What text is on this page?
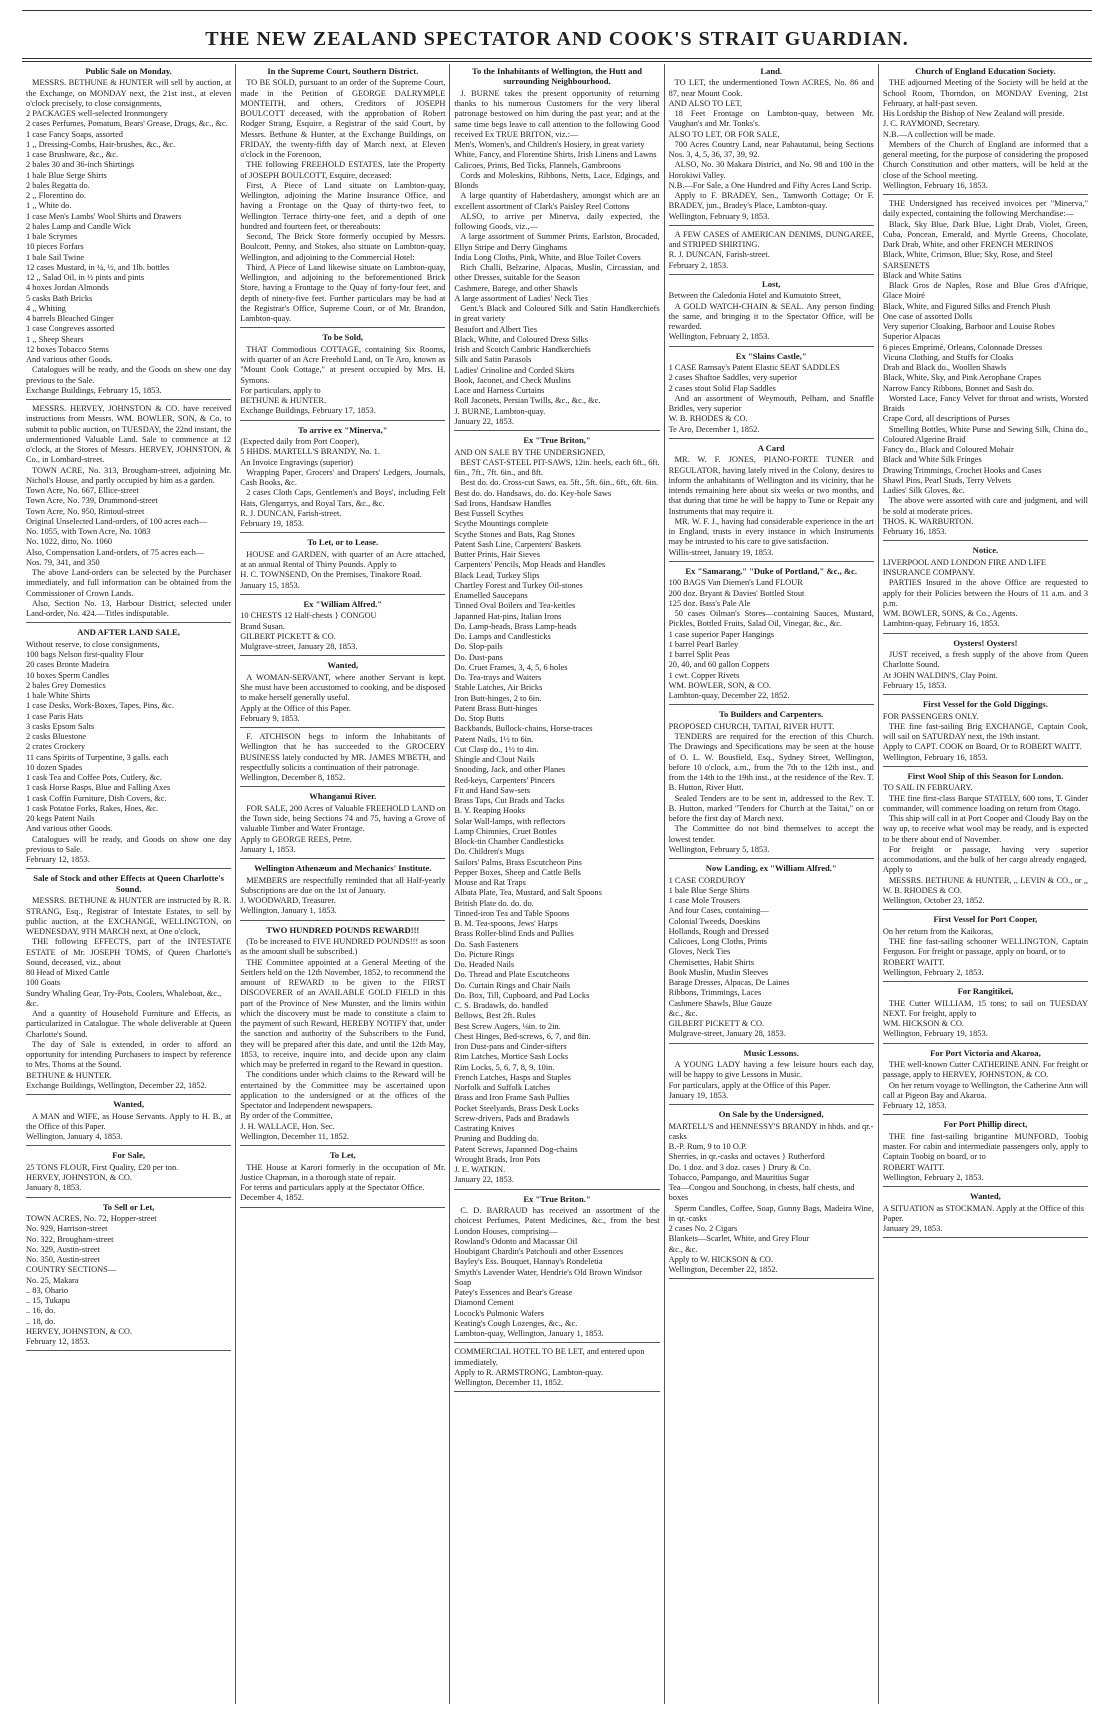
THE NEW ZEALAND SPECTATOR AND COOK'S STRAIT GUARDIAN.
Public Sale on Monday.

MESSRS. BETHUNE & HUNTER will sell by auction, at the Exchange, on MONDAY next, the 21st inst., at eleven o'clock precisely, to close consignments,

2 PACKAGES well-selected Ironmongery

2 cases Perfumes, Pomatum, Bears' Grease, Drugs, &c., &c.

1 case Fancy Soaps, assorted

1 ,, Dressing-Combs, Hair-brushes, &c., &c.

1 case Brushware, &c., &c.

2 bales 30 and 36-inch Shirtings

1 bale Blue Serge Shirts

2 bales Regatta do.

2 ,, Florentino do.

1 ,, White do.

1 case Men's Lambs' Wool Shirts and Drawers

2 bales Lamp and Candle Wick

1 bale Scrymes

10 pieces Forfars

1 bale Sail Twine

12 cases Mustard, in ¼, ½, and 1lb. bottles

12 ,, Salad Oil, in ½ pints and pints

4 boxes Jordan Almonds

5 casks Bath Bricks

4 ,, Whiting

4 barrels Bleached Ginger

1 case Congreves assorted

1 ,, Sheep Shears

12 boxes Tobacco Stems

And various other Goods.

Catalogues will be ready, and the Goods on shew one day previous to the Sale.

Exchange Buildings, February 15, 1853.

MESSRS. HERVEY, JOHNSTON & CO. have received instructions from Messrs. WM. BOWLER, SON, & Co. to submit to public auction, on TUESDAY, the 22nd instant, the undermentioned Valuable Land. Sale to commence at 12 o'clock, at the Stores of Messrs. HERVEY, JOHNSTON, & Co., in Lombard-street.

TOWN ACRE, No. 313, Brougham-street, adjoining Mr. Nichol's House, and partly occupied by him as a garden.

Town Acre, No. 667, Ellice-street

Town Acre, No. 739, Drummond-street

Town Acre, No. 950, Rintoul-street

Original Unselected Land-orders, of 100 acres each—

No. 1055, with Town Acre, No. 1083

No. 1022, ditto, No. 1060

Also, Compensation Land-orders, of 75 acres each—

Nos. 79, 341, and 350

The above Land-orders can be selected by the Purchaser immediately, and full information can be obtained from the Commissioner of Crown Lands.

Also, Section No. 13, Harbour District, selected under Land-order, No. 424.—Titles indisputable.

AND AFTER LAND SALE,

Without reserve, to close consignments,

100 bags Nelson first-quality Flour

20 cases Bronte Madeira

10 boxes Sperm Candles

2 bales Grey Domestics

1 bale White Shirts

1 case Desks, Work-Boxes, Tapes, Pins, &c.

1 case Paris Hats

3 casks Epsom Salts

2 casks Bluestone

2 crates Crockery

11 cans Spirits of Turpentine, 3 galls. each

10 dozen Spades

1 cask Tea and Coffee Pots, Cutlery, &c.

1 cask Horse Rasps, Blue and Falling Axes

1 cask Coffin Furniture, Dish Covers, &c.

1 cask Potatoe Forks, Rakes, Hoes, &c.

20 kegs Patent Nails

And various other Goods.

Catalogues will be ready, and Goods on show one day previous to Sale.

February 12, 1853.

Sale of Stock and other Effects at Queen Charlotte's Sound.

MESSRS. BETHUNE & HUNTER are instructed by R. R. STRANG, Esq., Registrar of Intestate Estates, to sell by public auction, at the EXCHANGE, WELLINGTON, on WEDNESDAY, 9TH MARCH next, at One o'clock,

THE following EFFECTS, part of the INTESTATE ESTATE of Mr. JOSEPH TOMS, of Queen Charlotte's Sound, deceased, viz., about

80 Head of Mixed Cattle

100 Goats

Sundry Whaling Gear, Try-Pots, Coolers, Whaleboat, &c., &c.

And a quantity of Household Furniture and Effects, as particularized in Catalogue. The whole deliverable at Queen Charlotte's Sound.

The day of Sale is extended, in order to afford an opportunity for intending Purchasers to inspect by reference to Mrs. Thoms at the Sound.

BETHUNE & HUNTER.

Exchange Buildings, Wellington, December 22, 1852.

Wanted,

A MAN and WIFE, as House Servants. Apply to H. B., at the Office of this Paper.

Wellington, January 4, 1853.

For Sale,

25 TONS FLOUR, First Quality, £20 per ton.

HERVEY, JOHNSTON, & CO.

January 8, 1853.

To Sell or Let,

TOWN ACRES, No. 72, Hopper-street

No. 929, Harrison-street

No. 322, Brougham-street

No. 329, Austin-street

No. 350, Austin-street

COUNTRY SECTIONS—

No. 25, Makara

.. 83, Ohario

.. 15, Tukapu

.. 16, do.

.. 18, do.

HERVEY, JOHNSTON, & CO.

February 12, 1853.

In the Supreme Court, Southern District.

TO BE SOLD, pursuant to an order of the Supreme Court, made in the Petition of GEORGE DALRYMPLE MONTEITH, and others, Creditors of JOSEPH BOULCOTT deceased, with the approbation of Robert Rodger Strang, Esquire, a Registrar of the said Court, by Messrs. Bethune & Hunter, at the Exchange Buildings, on FRIDAY, the twenty-fifth day of March next, at Eleven o'clock in the Forenoon,

THE following FREEHOLD ESTATES, late the Property of JOSEPH BOULCOTT, Esquire, deceased:

First, A Piece of Land situate on Lambton-quay, Wellington, adjoining the Marine Insurance Office, and having a Frontage on the Quay of thirty-two feet, to Wellington Terrace thirty-one feet, and a depth of one hundred and fourteen feet, or thereabouts:

Second, The Brick Store formerly occupied by Messrs. Boulcott, Penny, and Stokes, also situate on Lambton-quay, Wellington, and adjoining to the Commercial Hotel:

Third, A Piece of Land likewise situate on Lambton-quay, Wellington, and adjoining to the beforementioned Brick Store, having a Frontage to the Quay of forty-four feet, and depth of ninety-five feet. Further particulars may be had at the Registrar's Office, Supreme Court, or of Mr. Brandon, Lambton-quay.

To be Sold,

THAT Commodious COTTAGE, containing Six Rooms, with quarter of an Acre Freehold Land, on Te Aro, known as "Mount Cook Cottage," at present occupied by Mrs. H. Symons.

For particulars, apply to

BETHUNE & HUNTER.

Exchange Buildings, February 17, 1853.

To arrive ex "Minerva,"

(Expected daily from Port Cooper),

5 HHDS. MARTELL'S BRANDY, No. 1.

An Invoice Engravings (superior)

Wrapping Paper, Grocers' and Drapers' Ledgers, Journals, Cash Books, &c.

2 cases Cloth Caps, Gentlemen's and Boys', including Felt Hats, Glengarrys, and Royal Tars, &c., &c.

R. J. DUNCAN, Farish-street.

February 19, 1853.

To Let, or to Lease.

HOUSE and GARDEN, with quarter of an Acre attached, at an annual Rental of Thirty Pounds. Apply to

H. C. TOWNSEND, On the Premises, Tinakore Road.

January 15, 1853.

Ex "William Alfred."

10 CHESTS 12 Half-chests } CONGOU

Brand Susan.

GILBERT PICKETT & CO.

Mulgrave-street, January 28, 1853.

Wanted,

A WOMAN-SERVANT, where another Servant is kept. She must have been accustomed to cooking, and be disposed to make herself generally useful.

Apply at the Office of this Paper.

February 9, 1853.

F. ATCHISON begs to inform the Inhabitants of Wellington that he has succeeded to the GROCERY BUSINESS lately conducted by MR. JAMES M'BETH, and respectfully solicits a continuation of their patronage.

Wellington, December 8, 1852.

Whanganui River.

FOR SALE, 200 Acres of Valuable FREEHOLD LAND on the Town side, being Sections 74 and 75, having a Grove of valuable Timber and Water Frontage.

Apply to GEORGE REES, Petre.

January 1, 1853.

Wellington Athenæum and Mechanics' Institute.

MEMBERS are respectfully reminded that all Half-yearly Subscriptions are due on the 1st of January.

J. WOODWARD, Treasurer.

Wellington, January 1, 1853.

TWO HUNDRED POUNDS REWARD!!!

(To be increased to FIVE HUNDRED POUNDS!!! as soon as the amount shall be subscribed.)

THE Committee appointed at a General Meeting of the Settlers held on the 12th November, 1852, to recommend the amount of REWARD to be given to the FIRST DISCOVERER of an AVAILABLE GOLD FIELD in this part of the Province of New Munster, and the limits within which the discovery must be made to constitute a claim to the payment of such Reward, HEREBY NOTIFY that, under the sanction and authority of the Subscribers to the Fund, they will be prepared after this date, and until the 12th May, 1853, to receive, inquire into, and decide upon any claim which may be preferred in regard to the Reward in question.

The conditions under which claims to the Reward will be entertained by the Committee may be ascertained upon application to the undersigned or at the offices of the Spectator and Independent newspapers.

By order of the Committee,

J. H. WALLACE, Hon. Sec.

Wellington, December 11, 1852.

To Let,

THE House at Karori formerly in the occupation of Mr. Justice Chapman, in a thorough state of repair.

For terms and particulars apply at the Spectator Office.

December 4, 1852.

To the Inhabitants of Wellington, the Hutt and surrounding Neighbourhood.

J. BURNE takes the present opportunity of returning thanks to his numerous Customers for the very liberal patronage bestowed on him during the past year; and at the same time begs leave to call attention to the following Good received Ex TRUE BRITON, viz.:—

Men's, Women's, and Children's Hosiery, in great variety

White, Fancy, and Florentine Shirts, Irish Linens and Lawns

Calicoes, Prints, Bed Ticks, Flannels, Gambroons

Cords and Moleskins, Ribbons, Netts, Lace, Edgings, and Blonds

A large quantity of Haberdashery, amongst which are an excellent assortment of Clark's Paisley Reel Cottons

ALSO, to arrive per Minerva, daily expected, the following Goods, viz.,—

A large assortment of Summer Prints, Earlston, Brocaded, Ellyn Stripe and Derry Ginghams

India Long Cloths, Pink, White, and Blue Toilet Covers

Rich Challi, Belzarine, Alpacas, Muslin, Circassian, and other Dresses, suitable for the Season

Cashmere, Barege, and other Shawls

A large assortment of Ladies' Neck Ties

Gent.'s Black and Coloured Silk and Satin Handkerchiefs in great variety

Beaufort and Albert Ties

Black, White, and Coloured Dress Silks

Irish and Scotch Cambric Handkerchiefs

Silk and Satin Parasols

Ladies' Crinoline and Corded Skirts

Book, Jaconet, and Check Muslins

Lace and Harness Curtains

Roll Jaconets, Persian Twills, &c., &c., &c.

J. BURNE, Lambton-quay.

January 22, 1853.

Ex "True Briton,"

AND ON SALE BY THE UNDERSIGNED,

BEST CAST-STEEL PIT-SAWS, 12in. heels, each 6ft., 6ft. 6in., 7ft., 7ft. 6in., and 8ft.

Best do. do. Cross-cut Saws, ea. 5ft., 5ft. 6in., 6ft., 6ft. 6in.

Best do. do. Handsaws, do. do. Key-hole Saws

Sad Irons, Handsaw Handles

Best Fussell Scythes

Scythe Mountings complete

Scythe Stones and Bats, Rag Stones

Patent Sash Line, Carpenters' Baskets

Butter Prints, Hair Sieves

Carpenters' Pencils, Mop Heads and Handles

Black Lead, Turkey Slips

Chartley Forest and Turkey Oil-stones

Enamelled Saucepans

Tinned Oval Boilers and Tea-kettles

Japanned Hat-pins, Italian Irons

Do. Lamp-heads, Brass Lamp-heads

Do. Lamps and Candlesticks

Do. Slop-pails

Do. Dust-pans

Do. Cruet Frames, 3, 4, 5, 6 holes

Do. Tea-trays and Waiters

Stable Latches, Air Bricks

Iron Butt-hinges, 2 to 6in.

Patent Brass Butt-hinges

Do. Stop Butts

Backbands, Bullock-chains, Horse-traces

Patent Nails, 1½ to 6in.

Cut Clasp do., 1½ to 4in.

Shingle and Clout Nails

Snooding, Jack, and other Planes

Red-keys, Carpenters' Pincers

Fit and Hand Saw-sets

Brass Taps, Cut Brads and Tacks

B. Y. Reaping Hooks

Solar Wall-lamps, with reflectors

Lamp Chimnies, Cruet Bottles

Block-tin Chamber Candlesticks

Do. Children's Mugs

Sailors' Palms, Brass Escutcheon Pins

Pepper Boxes, Sheep and Cattle Bells

Mouse and Rat Traps

Albata Plate, Tea, Mustard, and Salt Spoons

British Plate do. do. do.

Tinned-iron Tea and Table Spoons

B. M. Tea-spoons, Jews' Harps

Brass Roller-blind Ends and Pullies

Do. Sash Fasteners

Do. Picture Rings

Do. Headed Nails

Do. Thread and Plate Escutcheons

Do. Curtain Rings and Chair Nails

Do. Box, Till, Cupboard, and Pad Locks

C. S. Bradawls, do. handled

Bellows, Best 2ft. Rules

Best Screw Augers, ⅛in. to 2in.

Chest Hinges, Bed-screws, 6, 7, and 8in.

Iron Dust-pans and Cinder-sifters

Rim Latches, Mortice Sash Locks

Rim Locks, 5, 6, 7, 8, 9, 10in.

French Latches, Hasps and Staples

Norfolk and Suffolk Latches

Brass and Iron Frame Sash Pullies

Pocket Steelyards, Brass Desk Locks

Screw-drivers, Pads and Bradawls

Castrating Knives

Pruning and Budding do.

Patent Screws, Japanned Dog-chains

Wrought Brads, Iron Pots

J. E. WATKIN.

January 22, 1853.

Ex "True Briton."

C. D. BARRAUD has received an assortment of the choicest Perfumes, Patent Medicines, &c., from the best London Houses, comprising—

Rowland's Odonto and Macassar Oil

Houbigant Chardin's Patchouli and other Essences

Bayley's Ess. Bouquet, Hannay's Rondeletia

Smyth's Lavender Water, Hendrie's Old Brown Windsor Soap

Patey's Essences and Bear's Grease

Diamond Cement

Locock's Pulmonic Wafers

Keating's Cough Lozenges, &c., &c.

Lambton-quay, Wellington, January 1, 1853.

COMMERCIAL HOTEL TO BE LET, and entered upon immediately.

Apply to R. ARMSTRONG, Lambton-quay.

Wellington, December 11, 1852.

Land.

TO LET, the undermentioned Town ACRES, No. 86 and 87, near Mount Cook.

AND ALSO TO LET,

18 Feet Frontage on Lambton-quay, between Mr. Vaughan's and Mr. Tonks's.

ALSO TO LET, OR FOR SALE,

700 Acres Country Land, near Pahautanui, being Sections Nos. 3, 4, 5, 36, 37, 39, 92.

ALSO, No. 30 Makara District, and No. 98 and 100 in the Horokiwi Valley.

N.B.—For Sale, a One Hundred and Fifty Acres Land Scrip.

Apply to F. BRADEY, Sen., Tamworth Cottage; Or F. BRADEY, jun., Bradey's Place, Lambton-quay.

Wellington, February 9, 1853.

A FEW CASES of AMERICAN DENIMS, DUNGAREE, and STRIPED SHIRTING.

R. J. DUNCAN, Farish-street.

February 2, 1853.

Lost,

Between the Caledonia Hotel and Kumutoto Street,

A GOLD WATCH-CHAIN & SEAL. Any person finding the same, and bringing it to the Spectator Office, will be rewarded.

Wellington, February 2, 1853.

Ex "Slains Castle,"

1 CASE Ramsay's Patent Elastic SEAT SADDLES

2 cases Shaftoe Saddles, very superior

2 cases stout Solid Flap Saddles

And an assortment of Weymouth, Pelham, and Snaffle Bridles, very superior

W. B. RHODES & CO.

Te Aro, December 1, 1852.

A Card

MR. W. F. JONES, PIANO-FORTE TUNER and REGULATOR, having lately rrived in the Colony, desires to inform the anhabitants of Wellington and its vicinity, that he intends remaining here about six weeks or two months, and that during that time he will be happy to Tune or Repair any Instruments that may require it.

MR. W. F. J., having had considerable experience in the art in England, trusts in every instance in which Instruments may be intrusted to his care to give satisfaction.

Willis-street, January 19, 1853.

Ex "Samarang," "Duke of Portland," &c., &c.

100 BAGS Van Diemen's Land FLOUR

200 doz. Bryant & Davies' Bottled Stout

125 doz. Bass's Pale Ale

50 cases Oilman's Stores—containing Sauces, Mustard, Pickles, Bottled Fruits, Salad Oil, Vinegar, &c., &c.

1 case superior Paper Hangings

1 barrel Pearl Barley

1 barrel Split Peas

20, 40, and 60 gallon Coppers

1 cwt. Copper Rivets

WM. BOWLER, SON, & CO.

Lambton-quay, December 22, 1852.

To Builders and Carpenters.

PROPOSED CHURCH, TAITAI, RIVER HUTT.

TENDERS are required for the erection of this Church. The Drawings and Specifications may be seen at the house of O. L. W. Bousfield, Esq., Sydney Street, Wellington, before 10 o'clock, a.m., from the 7th to the 12th inst., and from the 14th to the 19th inst., at the residence of the Rev. T. B. Hutton, River Hutt.

Sealed Tenders are to be sent in, addressed to the Rev. T. B. Hutton, marked "Tenders for Church at the Taitai," on or before the first day of March next.

The Committee do not bind themselves to accept the lowest tender.

Wellington, February 5, 1853.

Now Landing, ex "William Alfred."

1 CASE CORDUROY

1 bale Blue Serge Shirts

1 case Mole Trousers

And four Cases, containing—

Colonial Tweeds, Doeskins

Hollands, Rough and Dressed

Calicoes, Long Cloths, Prints

Gloves, Neck Ties

Chemisettes, Habit Shirts

Book Muslin, Muslin Sleeves

Barage Dresses, Alpacas, De Laines

Ribbons, Trimmings, Laces

Cashmere Shawls, Blue Gauze

&c., &c.

GILBERT PICKETT & CO.

Mulgrave-street, January 28, 1853.

Music Lessons.

A YOUNG LADY having a few leisure hours each day, will be happy to give Lessons in Music.

For particulars, apply at the Office of this Paper.

January 19, 1853.

On Sale by the Undersigned,

MARTELL'S and HENNESSY'S BRANDY in hhds. and qr.-casks

B.-P. Rum, 9 to 10 O.P.

Sherries, in qr.-casks and octaves } Rutherford

Do. 1 doz. and 3 doz. cases } Drury & Co.

Tobacco, Pampango, and Mauritius Sugar

Tea—Congou and Souchong, in chests, half chests, and boxes

Sperm Candles, Coffee, Soap, Gunny Bags, Madeira Wine, in qr.-casks

2 cases No. 2 Cigars

Blankets—Scarlet, White, and Grey Flour

&c., &c.

Apply to W. HICKSON & CO.

Wellington, December 22, 1852.

Church of England Education Society.

THE adjourned Meeting of the Society will be held at the School Room, Thorndon, on MONDAY Evening, 21st February, at half-past seven.

His Lordship the Bishop of New Zealand will preside.

J. C. RAYMOND, Secretary.

N.B.—A collection will be made.

Members of the Church of England are informed that a general meeting, for the purpose of considering the proposed Church Constitution and other matters, will be held at the close of the School meeting.

Wellington, February 16, 1853.

THE Undersigned has received invoices per "Minerva," daily expected, containing the following Merchandise:—

Black, Sky Blue, Dark Blue, Light Drab, Violet, Green, Cuba, Poncean, Emerald, and Myrtle Greens, Chocolate, Dark Drab, White, and other FRENCH MERINOS

Black, White, Crimson, Blue; Sky, Rose, and Steel SARSENETS

Black and White Satins

Black Gros de Naples, Rose and Blue Gros d'Afrique, Glace Moiré

Black, White, and Figured Silks and French Plush

One case of assorted Dolls

Very superior Cloaking, Barboor and Louise Robes

Superior Alpacas

6 pieces Emprimé, Orleans, Colonnade Dresses

Vicuna Clothing, and Stuffs for Cloaks

Drab and Black do., Woollen Shawls

Black, White, Sky, and Pink Aerophane Crapes

Narrow Fancy Ribbons, Bonnet and Sash do.

Worsted Lace, Fancy Velvet for throat and wrists, Worsted Braids

Crape Cord, all descriptions of Purses

Smelling Bottles, White Purse and Sewing Silk, China do., Coloured Algerine Braid

Fancy do., Black and Coloured Mohair

Black and White Silk Fringes

Drawing Trimmings, Crochet Hooks and Cases

Shawl Pins, Pearl Studs, Terry Velvets

Ladies' Silk Gloves, &c.

The above were assorted with care and judgment, and will be sold at moderate prices.

THOS. K. WARBURTON.

February 16, 1853.

Notice.

LIVERPOOL AND LONDON FIRE AND LIFE INSURANCE COMPANY.

PARTIES Insured in the above Office are requested to apply for their Policies between the Hours of 11 a.m. and 3 p.m.

WM. BOWLER, SONS, & Co., Agents.

Lambton-quay, February 16, 1853.

Oysters! Oysters!

JUST received, a fresh supply of the above from Queen Charlotte Sound.

At JOHN WALDIN'S, Clay Point.

February 15, 1853.

First Vessel for the Gold Diggings.

FOR PASSENGERS ONLY.

THE fine fast-sailing Brig EXCHANGE, Captain Cook, will sail on SATURDAY next, the 19th instant.

Apply to CAPT. COOK on Board, Or to ROBERT WAITT.

Wellington, February 16, 1853.

First Wool Ship of this Season for London.

TO SAIL IN FEBRUARY.

THE fine first-class Barque STATELY, 600 tons, T. Ginder commander, will commence loading on return from Otago.

This ship will call in at Port Cooper and Cloudy Bay on the way up, to receive what wool may be ready, and is expected to be there about end of November.

For freight or passage, having very superior accommodations, and the bulk of her cargo already engaged,

Apply to

MESSRS. BETHUNE & HUNTER, ,, LEVIN & CO., or ,, W. B. RHODES & CO.

Wellington, October 23, 1852.

First Vessel for Port Cooper,

On her return from the Kaikoras,

THE fine fast-sailing schooner WELLINGTON, Captain Ferguson. For freight or passage, apply on board, or to

ROBERT WAITT.

Wellington, February 2, 1853.

For Rangitikei,

THE Cutter WILLIAM, 15 tons; to sail on TUESDAY NEXT. For freight, apply to

WM. HICKSON & CO.

Wellington, February 19, 1853.

For Port Victoria and Akaroa,

THE well-known Cutter CATHERINE ANN. For freight or passage, apply to HERVEY, JOHNSTON, & CO.

On her return voyage to Wellington, the Catherine Ann will call at Pigeon Bay and Akaroa.

February 12, 1853.

For Port Phillip direct,

THE fine fast-sailing brigantine MUNFORD, Toobig master. For cabin and intermediate passengers only, apply to Captain Toobig on board, or to

ROBERT WAITT.

Wellington, February 2, 1853.

Wanted,

A SITUATION as STOCKMAN. Apply at the Office of this Paper.

January 29, 1853.
